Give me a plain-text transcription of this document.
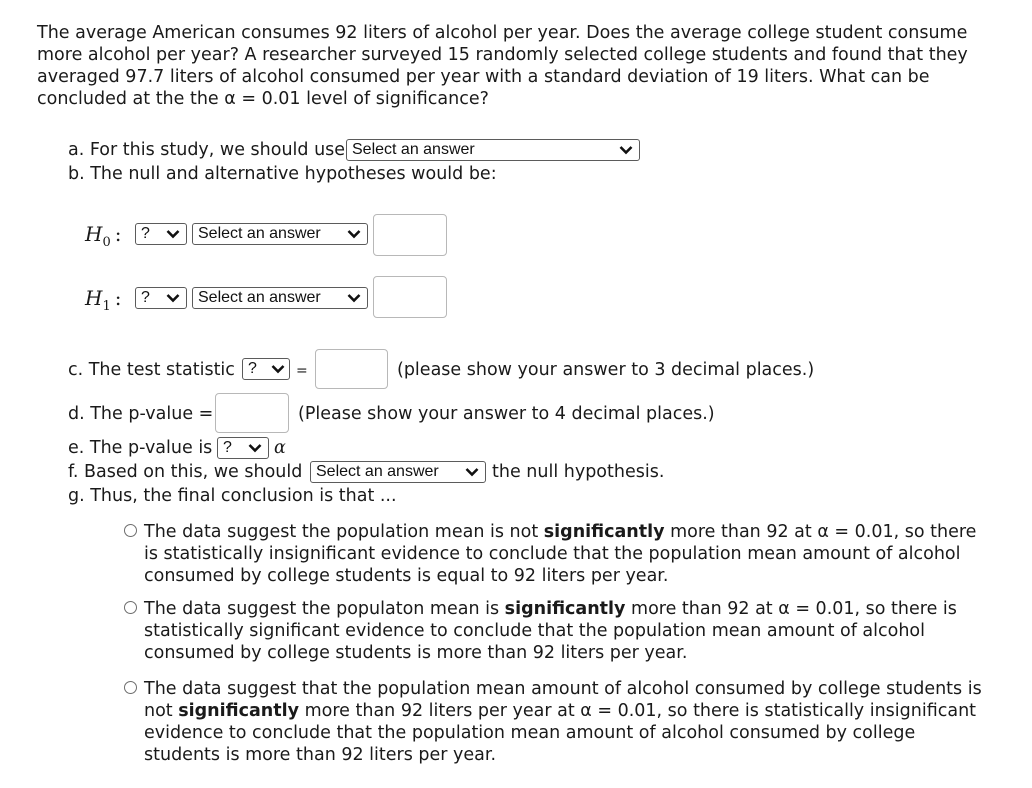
The average American consumes 92 liters of alcohol per year. Does the average college student consume more alcohol per year? A researcher surveyed 15 randomly selected college students and found that they averaged 97.7 liters of alcohol consumed per year with a standard deviation of 19 liters. What can be concluded at the the α = 0.01 level of significance?

a. For this study, we should use Select an answer
b. The null and alternative hypotheses would be:
$H_0$ :	?	Select an answer
$H_1$ :	?	Select an answer
c. The test statistic ?	=	(please show your answer to 3 decimal places.)
d. The p-value =	(Please show your answer to 4 decimal places.)
e. The p-value is ?	α
f. Based on this, we should Select an answer	the null hypothesis.
g. Thus, the final conclusion is that ...
The data suggest the population mean is not significantly more than 92 at α = 0.01, so there is statistically insignificant evidence to conclude that the population mean amount of alcohol consumed by college students is equal to 92 liters per year.
The data suggest the populaton mean is significantly more than 92 at α = 0.01, so there is statistically significant evidence to conclude that the population mean amount of alcohol consumed by college students is more than 92 liters per year.
The data suggest that the population mean amount of alcohol consumed by college students is not significantly more than 92 liters per year at α = 0.01, so there is statistically insignificant evidence to conclude that the population mean amount of alcohol consumed by college students is more than 92 liters per year.
